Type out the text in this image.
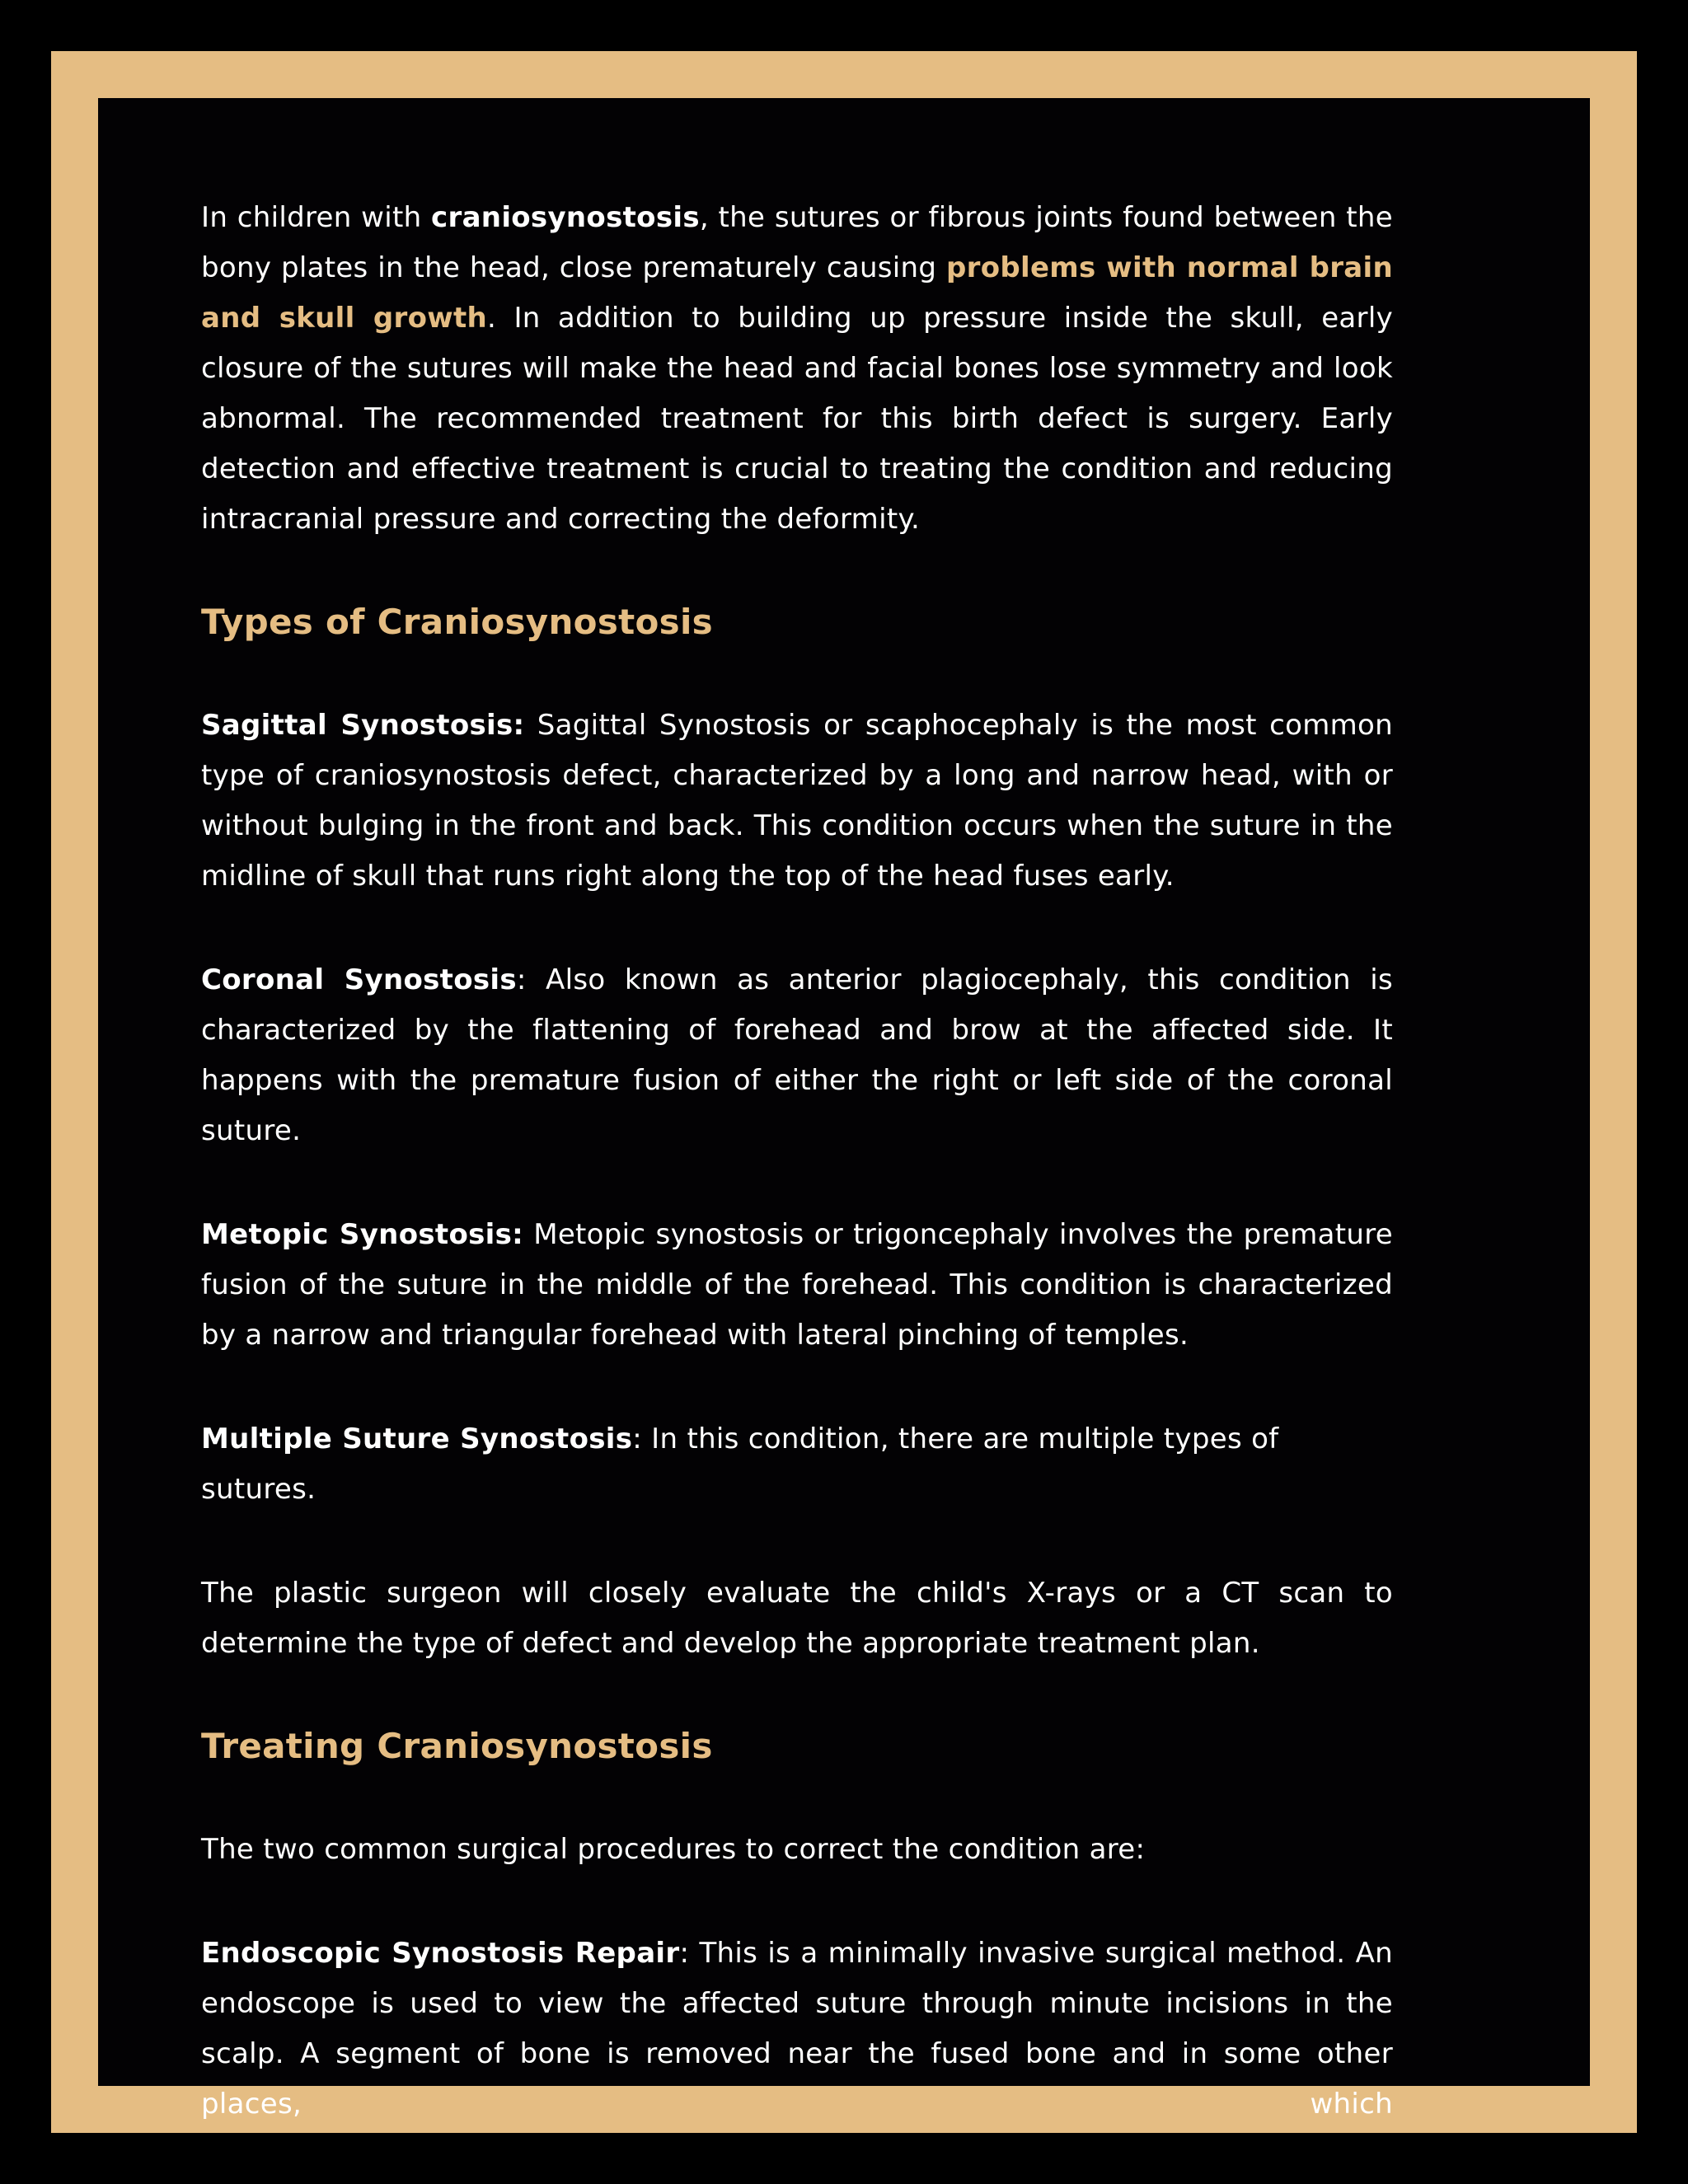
In children with craniosynostosis, the sutures or fibrous joints found between the bony plates in the head, close prematurely causing problems with normal brain and skull growth. In addition to building up pressure inside the skull, early closure of the sutures will make the head and facial bones lose symmetry and look abnormal. The recommended treatment for this birth defect is surgery. Early detection and effective treatment is crucial to treating the condition and reducing intracranial pressure and correcting the deformity.

Types of Craniosynostosis

Sagittal Synostosis: Sagittal Synostosis or scaphocephaly is the most common type of craniosynostosis defect, characterized by a long and narrow head, with or without bulging in the front and back. This condition occurs when the suture in the midline of skull that runs right along the top of the head fuses early.

Coronal Synostosis: Also known as anterior plagiocephaly, this condition is characterized by the flattening of forehead and brow at the affected side. It happens with the premature fusion of either the right or left side of the coronal suture.

Metopic Synostosis: Metopic synostosis or trigoncephaly involves the premature fusion of the suture in the middle of the forehead. This condition is characterized by a narrow and triangular forehead with lateral pinching of temples.

Multiple Suture Synostosis: In this condition, there are multiple types of sutures.

The plastic surgeon will closely evaluate the child's X-rays or a CT scan to determine the type of defect and develop the appropriate treatment plan.

Treating Craniosynostosis

The two common surgical procedures to correct the condition are:

Endoscopic Synostosis Repair: This is a minimally invasive surgical method. An endoscope is used to view the affected suture through minute incisions in the scalp. A segment of bone is removed near the fused bone and in some other places, which
